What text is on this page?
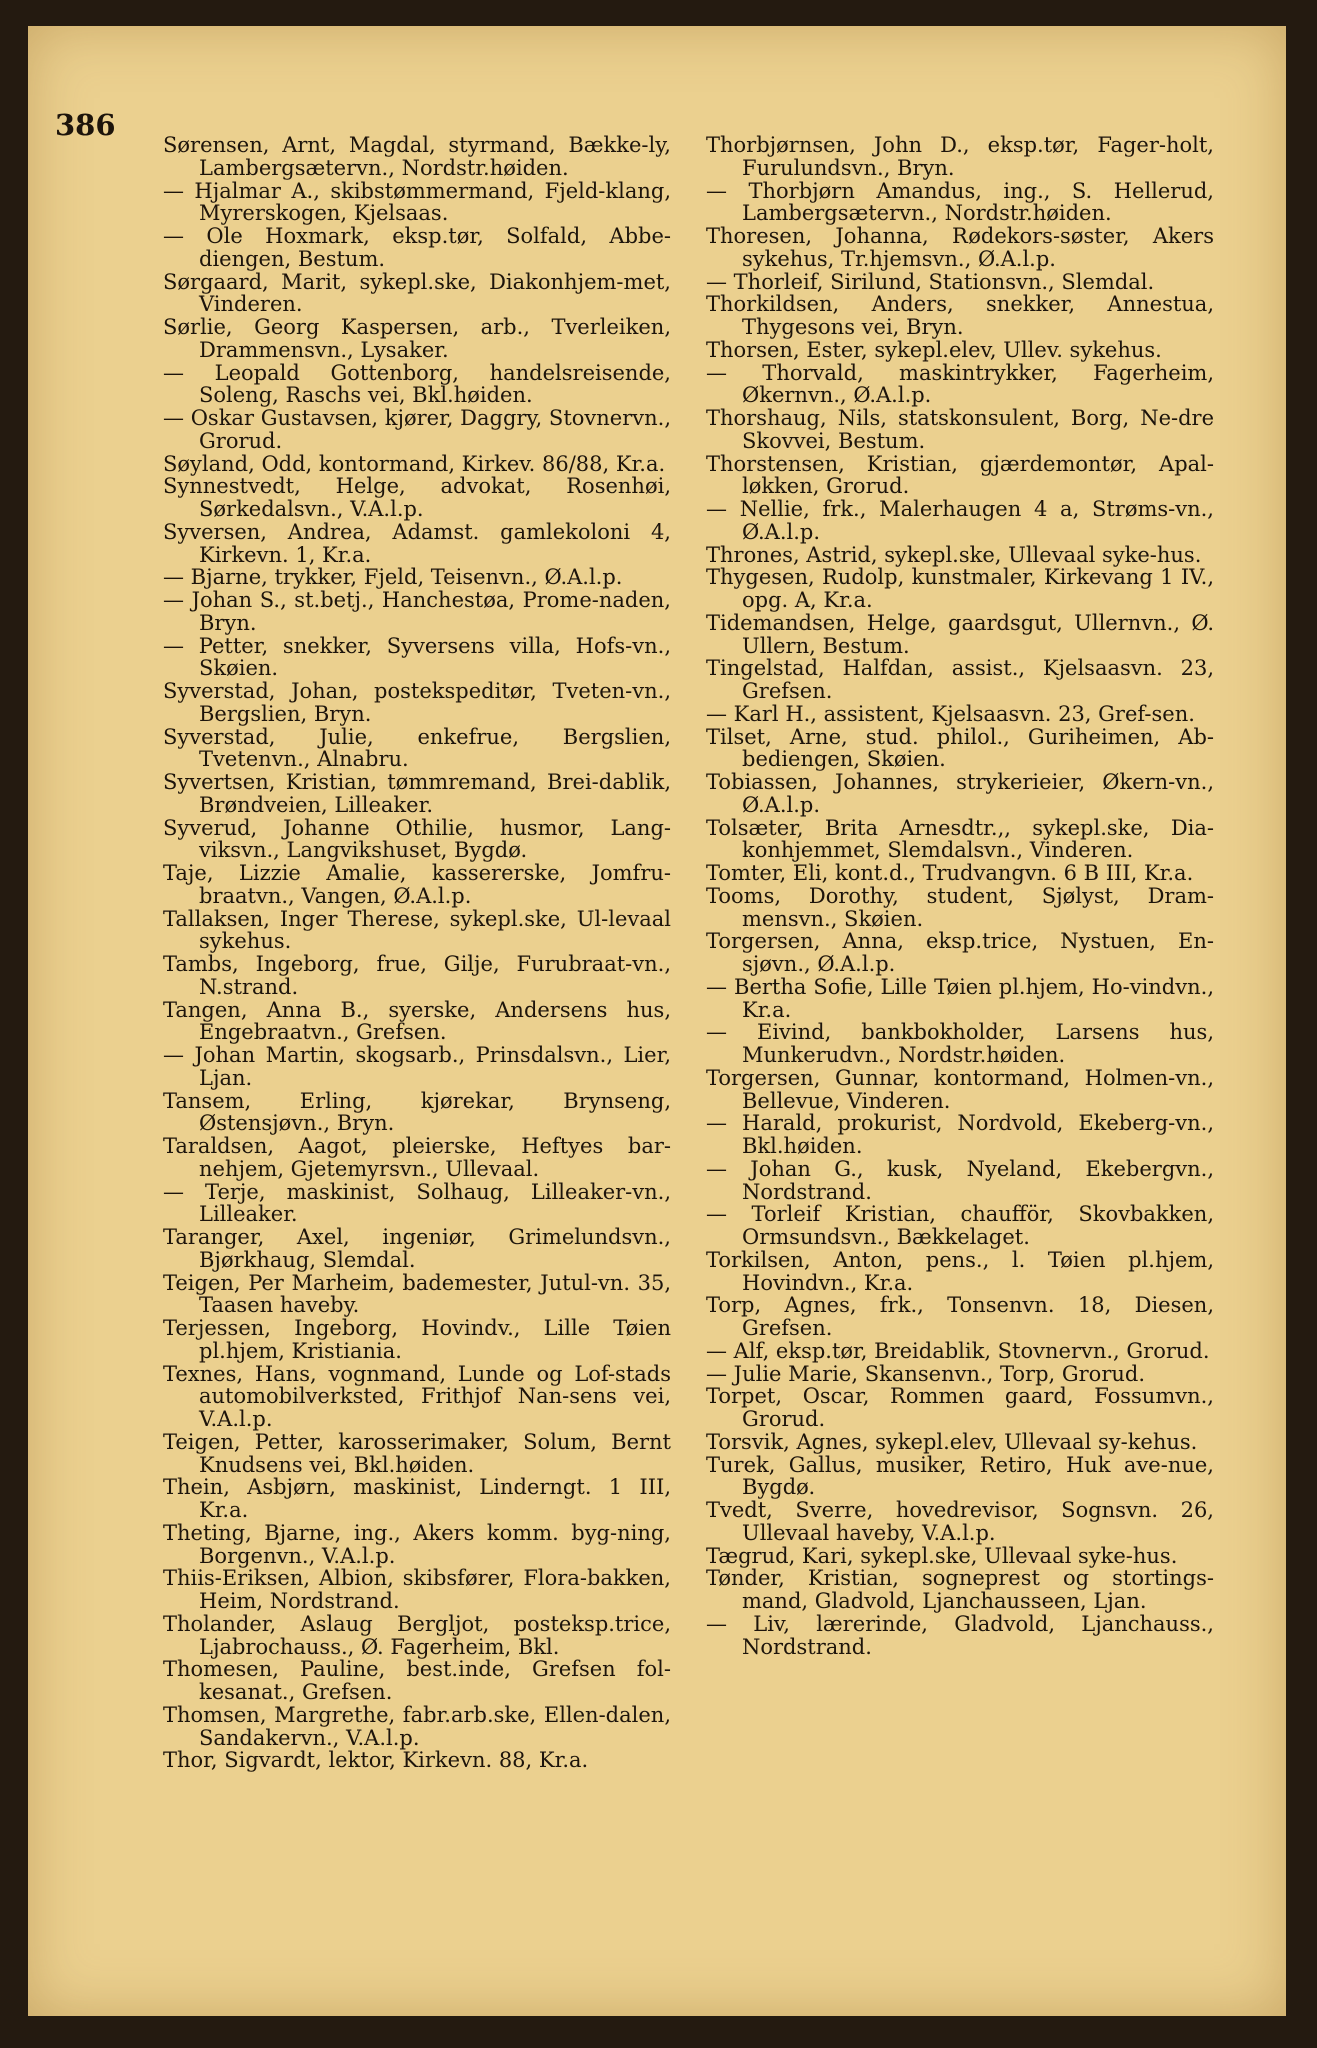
386

Sørensen, Arnt, Magdal, styrmand, Bække-ly, Lambergsætervn., Nordstr.høiden.

— Hjalmar A., skibstømmermand, Fjeld-klang, Myrerskogen, Kjelsaas.

— Ole Hoxmark, eksp.tør, Solfald, Abbe-diengen, Bestum.

Sørgaard, Marit, sykepl.ske, Diakonhjem-met, Vinderen.

Sørlie, Georg Kaspersen, arb., Tverleiken, Drammensvn., Lysaker.

— Leopald Gottenborg, handelsreisende, Soleng, Raschs vei, Bkl.høiden.

— Oskar Gustavsen, kjører, Daggry, Stovnervn., Grorud.

Søyland, Odd, kontormand, Kirkev. 86/88, Kr.a.

Synnestvedt, Helge, advokat, Rosenhøi, Sørkedalsvn., V.A.l.p.

Syversen, Andrea, Adamst. gamlekoloni 4, Kirkevn. 1, Kr.a.

— Bjarne, trykker, Fjeld, Teisenvn., Ø.A.l.p.

— Johan S., st.betj., Hanchestøa, Prome-naden, Bryn.

— Petter, snekker, Syversens villa, Hofs-vn., Skøien.

Syverstad, Johan, postekspeditør, Tveten-vn., Bergslien, Bryn.

Syverstad, Julie, enkefrue, Bergslien, Tvetenvn., Alnabru.

Syvertsen, Kristian, tømmremand, Brei-dablik, Brøndveien, Lilleaker.

Syverud, Johanne Othilie, husmor, Lang-viksvn., Langvikshuset, Bygdø.

Taje, Lizzie Amalie, kassererske, Jomfru-braatvn., Vangen, Ø.A.l.p.

Tallaksen, Inger Therese, sykepl.ske, Ul-levaal sykehus.

Tambs, Ingeborg, frue, Gilje, Furubraat-vn., N.strand.

Tangen, Anna B., syerske, Andersens hus, Engebraatvn., Grefsen.

— Johan Martin, skogsarb., Prinsdalsvn., Lier, Ljan.

Tansem, Erling, kjørekar, Brynseng, Østensjøvn., Bryn.

Taraldsen, Aagot, pleierske, Heftyes bar-nehjem, Gjetemyrsvn., Ullevaal.

— Terje, maskinist, Solhaug, Lilleaker-vn., Lilleaker.

Taranger, Axel, ingeniør, Grimelundsvn., Bjørkhaug, Slemdal.

Teigen, Per Marheim, bademester, Jutul-vn. 35, Taasen haveby.

Terjessen, Ingeborg, Hovindv., Lille Tøien pl.hjem, Kristiania.

Texnes, Hans, vognmand, Lunde og Lof-stads automobilverksted, Frithjof Nan-sens vei, V.A.l.p.

Teigen, Petter, karosserimaker, Solum, Bernt Knudsens vei, Bkl.høiden.

Thein, Asbjørn, maskinist, Linderngt. 1 III, Kr.a.

Theting, Bjarne, ing., Akers komm. byg-ning, Borgenvn., V.A.l.p.

Thiis-Eriksen, Albion, skibsfører, Flora-bakken, Heim, Nordstrand.

Tholander, Aslaug Bergljot, posteksp.trice, Ljabrochauss., Ø. Fagerheim, Bkl.

Thomesen, Pauline, best.inde, Grefsen fol-kesanat., Grefsen.

Thomsen, Margrethe, fabr.arb.ske, Ellen-dalen, Sandakervn., V.A.l.p.

Thor, Sigvardt, lektor, Kirkevn. 88, Kr.a.

Thorbjørnsen, John D., eksp.tør, Fager-holt, Furulundsvn., Bryn.

— Thorbjørn Amandus, ing., S. Hellerud, Lambergsætervn., Nordstr.høiden.

Thoresen, Johanna, Rødekors-søster, Akers sykehus, Tr.hjemsvn., Ø.A.l.p.

— Thorleif, Sirilund, Stationsvn., Slemdal.

Thorkildsen, Anders, snekker, Annestua, Thygesons vei, Bryn.

Thorsen, Ester, sykepl.elev, Ullev. sykehus.

— Thorvald, maskintrykker, Fagerheim, Økernvn., Ø.A.l.p.

Thorshaug, Nils, statskonsulent, Borg, Ne-dre Skovvei, Bestum.

Thorstensen, Kristian, gjærdemontør, Apal-løkken, Grorud.

— Nellie, frk., Malerhaugen 4 a, Strøms-vn., Ø.A.l.p.

Thrones, Astrid, sykepl.ske, Ullevaal syke-hus.

Thygesen, Rudolp, kunstmaler, Kirkevang 1 IV., opg. A, Kr.a.

Tidemandsen, Helge, gaardsgut, Ullernvn., Ø. Ullern, Bestum.

Tingelstad, Halfdan, assist., Kjelsaasvn. 23, Grefsen.

— Karl H., assistent, Kjelsaasvn. 23, Gref-sen.

Tilset, Arne, stud. philol., Guriheimen, Ab-bediengen, Skøien.

Tobiassen, Johannes, strykerieier, Økern-vn., Ø.A.l.p.

Tolsæter, Brita Arnesdtr.,, sykepl.ske, Dia-konhjemmet, Slemdalsvn., Vinderen.

Tomter, Eli, kont.d., Trudvangvn. 6 B III, Kr.a.

Tooms, Dorothy, student, Sjølyst, Dram-mensvn., Skøien.

Torgersen, Anna, eksp.trice, Nystuen, En-sjøvn., Ø.A.l.p.

— Bertha Sofie, Lille Tøien pl.hjem, Ho-vindvn., Kr.a.

— Eivind, bankbokholder, Larsens hus, Munkerudvn., Nordstr.høiden.

Torgersen, Gunnar, kontormand, Holmen-vn., Bellevue, Vinderen.

— Harald, prokurist, Nordvold, Ekeberg-vn., Bkl.høiden.

— Johan G., kusk, Nyeland, Ekebergvn., Nordstrand.

— Torleif Kristian, chaufför, Skovbakken, Ormsundsvn., Bækkelaget.

Torkilsen, Anton, pens., l. Tøien pl.hjem, Hovindvn., Kr.a.

Torp, Agnes, frk., Tonsenvn. 18, Diesen, Grefsen.

— Alf, eksp.tør, Breidablik, Stovnervn., Grorud.

— Julie Marie, Skansenvn., Torp, Grorud.

Torpet, Oscar, Rommen gaard, Fossumvn., Grorud.

Torsvik, Agnes, sykepl.elev, Ullevaal sy-kehus.

Turek, Gallus, musiker, Retiro, Huk ave-nue, Bygdø.

Tvedt, Sverre, hovedrevisor, Sognsvn. 26, Ullevaal haveby, V.A.l.p.

Tægrud, Kari, sykepl.ske, Ullevaal syke-hus.

Tønder, Kristian, sogneprest og stortings-mand, Gladvold, Ljanchausseen, Ljan.

— Liv, lærerinde, Gladvold, Ljanchauss., Nordstrand.
